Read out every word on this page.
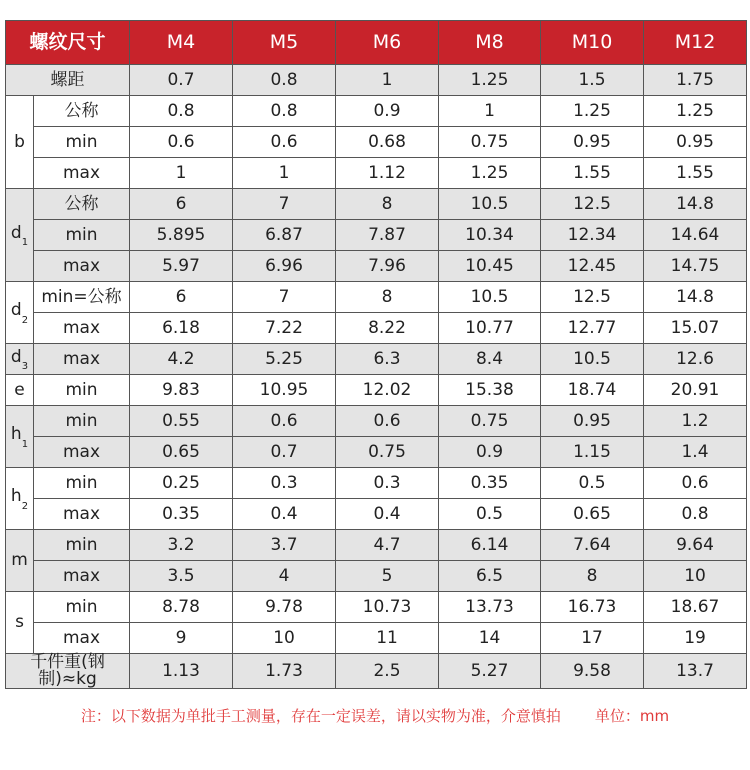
螺纹尺寸		M4	M5	M6	M8	M10	M12
螺距		0.7	0.8	1	1.25	1.5	1.75
b	公称	0.8	0.8	0.9	1	1.25	1.25
	min	0.6	0.6	0.68	0.75	0.95	0.95
	max	1	1	1.12	1.25	1.55	1.55
$d_1$	公称	6	7	8	10.5	12.5	14.8
	min	5.895	6.87	7.87	10.34	12.34	14.64
	max	5.97	6.96	7.96	10.45	12.45	14.75
$d_2$	min=公称	6	7	8	10.5	12.5	14.8
	max	6.18	7.22	8.22	10.77	12.77	15.07
$d_3$	max	4.2	5.25	6.3	8.4	10.5	12.6
e	min	9.83	10.95	12.02	15.38	18.74	20.91
$h_1$	min	0.55	0.6	0.6	0.75	0.95	1.2
	max	0.65	0.7	0.75	0.9	1.15	1.4
$h_2$	min	0.25	0.3	0.3	0.35	0.5	0.6
	max	0.35	0.4	0.4	0.5	0.65	0.8
m	min	3.2	3.7	4.7	6.14	7.64	9.64
	max	3.5	4	5	6.5	8	10
s	min	8.78	9.78	10.73	13.73	16.73	18.67
	max	9	10	11	14	17	19
千件重(钢制)≈kg		1.13	1.73	2.5	5.27	9.58	13.7
注：以下数据为单批手工测量，存在一定误差，请以实物为准，介意慎拍 单位：mm
